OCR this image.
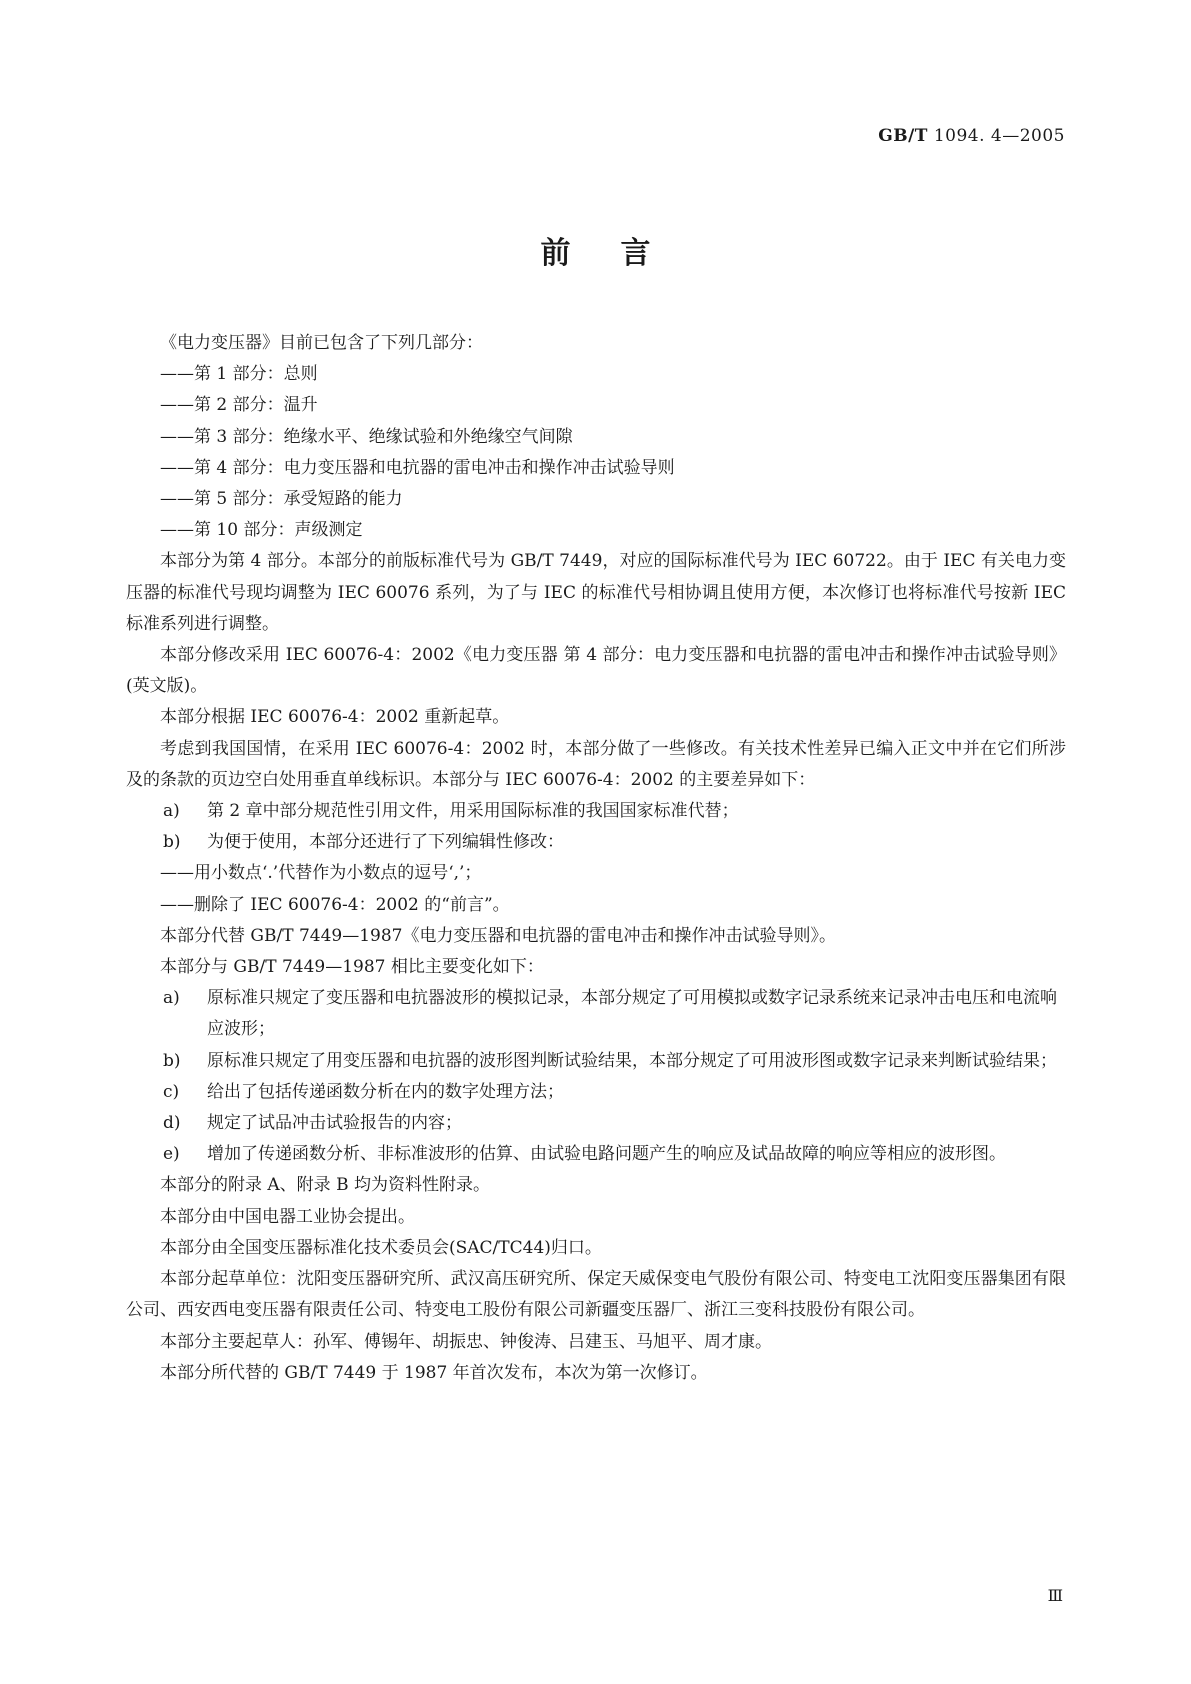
GB/T 1094. 4—2005
前言

《电力变压器》目前已包含了下列几部分：

——第 1 部分：总则
——第 2 部分：温升
——第 3 部分：绝缘水平、绝缘试验和外绝缘空气间隙
——第 4 部分：电力变压器和电抗器的雷电冲击和操作冲击试验导则
——第 5 部分：承受短路的能力
——第 10 部分：声级测定

本部分为第 4 部分。本部分的前版标准代号为 GB/T 7449，对应的国际标准代号为 IEC 60722。由于 IEC 有关电力变压器的标准代号现均调整为 IEC 60076 系列，为了与 IEC 的标准代号相协调且使用方便，本次修订也将标准代号按新 IEC 标准系列进行调整。

本部分修改采用 IEC 60076-4：2002《电力变压器 第 4 部分：电力变压器和电抗器的雷电冲击和操作冲击试验导则》(英文版)。

本部分根据 IEC 60076-4：2002 重新起草。

考虑到我国国情，在采用 IEC 60076-4：2002 时，本部分做了一些修改。有关技术性差异已编入正文中并在它们所涉及的条款的页边空白处用垂直单线标识。本部分与 IEC 60076-4：2002 的主要差异如下：

a) 第 2 章中部分规范性引用文件，用采用国际标准的我国国家标准代替；
b) 为便于使用，本部分还进行了下列编辑性修改：
——用小数点‘.’代替作为小数点的逗号‘,’；
——删除了 IEC 60076-4：2002 的“前言”。

本部分代替 GB/T 7449—1987《电力变压器和电抗器的雷电冲击和操作冲击试验导则》。

本部分与 GB/T 7449—1987 相比主要变化如下：

a) 原标准只规定了变压器和电抗器波形的模拟记录，本部分规定了可用模拟或数字记录系统来记录冲击电压和电流响应波形；
b) 原标准只规定了用变压器和电抗器的波形图判断试验结果，本部分规定了可用波形图或数字记录来判断试验结果；
c) 给出了包括传递函数分析在内的数字处理方法；
d) 规定了试品冲击试验报告的内容；
e) 增加了传递函数分析、非标准波形的估算、由试验电路问题产生的响应及试品故障的响应等相应的波形图。

本部分的附录 A、附录 B 均为资料性附录。

本部分由中国电器工业协会提出。

本部分由全国变压器标准化技术委员会(SAC/TC44)归口。

本部分起草单位：沈阳变压器研究所、武汉高压研究所、保定天威保变电气股份有限公司、特变电工沈阳变压器集团有限公司、西安西电变压器有限责任公司、特变电工股份有限公司新疆变压器厂、浙江三变科技股份有限公司。

本部分主要起草人：孙军、傅锡年、胡振忠、钟俊涛、吕建玉、马旭平、周才康。

本部分所代替的 GB/T 7449 于 1987 年首次发布，本次为第一次修订。

Ⅲ
